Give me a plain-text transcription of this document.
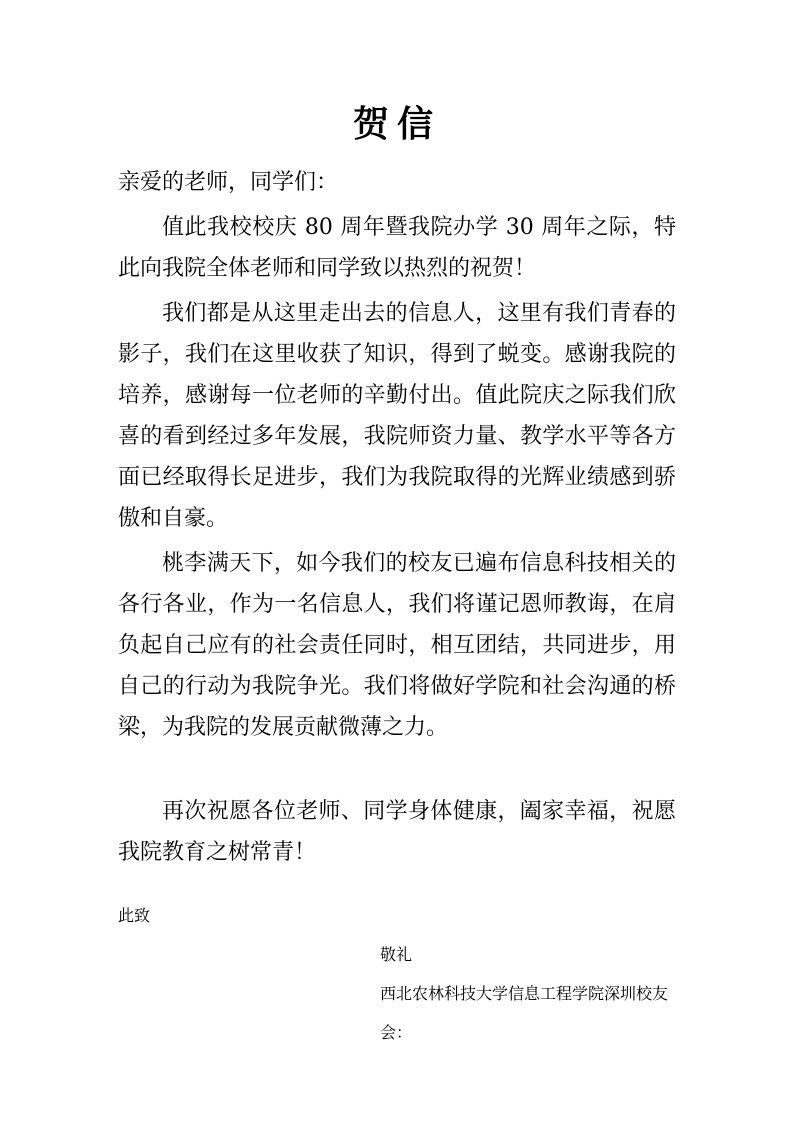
贺信

亲爱的老师，同学们：

值此我校校庆 80 周年暨我院办学 30 周年之际，特此向我院全体老师和同学致以热烈的祝贺！

我们都是从这里走出去的信息人，这里有我们青春的影子，我们在这里收获了知识，得到了蜕变。感谢我院的培养，感谢每一位老师的辛勤付出。值此院庆之际我们欣喜的看到经过多年发展，我院师资力量、教学水平等各方面已经取得长足进步，我们为我院取得的光辉业绩感到骄傲和自豪。

桃李满天下，如今我们的校友已遍布信息科技相关的各行各业，作为一名信息人，我们将谨记恩师教诲，在肩负起自己应有的社会责任同时，相互团结，共同进步，用自己的行动为我院争光。我们将做好学院和社会沟通的桥梁，为我院的发展贡献微薄之力。

再次祝愿各位老师、同学身体健康，阖家幸福，祝愿我院教育之树常青！

此致

敬礼

西北农林科技大学信息工程学院深圳校友会：
